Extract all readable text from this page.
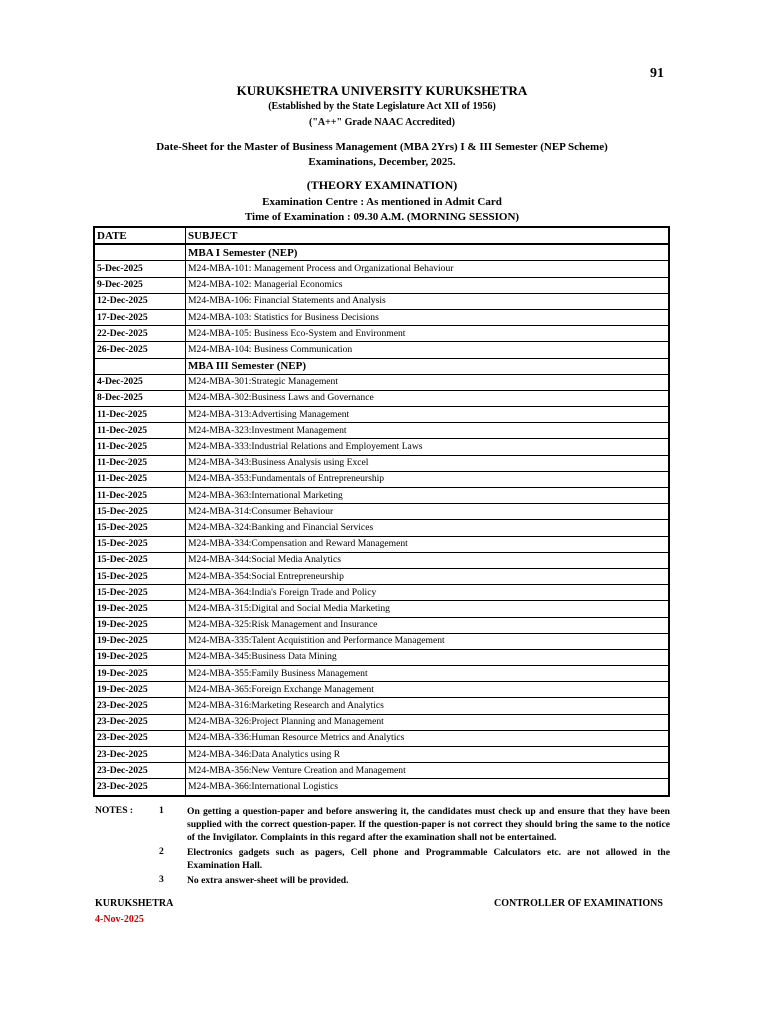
91
KURUKSHETRA UNIVERSITY KURUKSHETRA
(Established by the State Legislature Act XII of 1956)
("A++" Grade NAAC Accredited)
Date-Sheet for the Master of Business Management (MBA 2Yrs) I & III Semester (NEP Scheme)
Examinations, December, 2025.
(THEORY EXAMINATION)
Examination Centre : As mentioned in Admit Card
Time of Examination : 09.30 A.M. (MORNING SESSION)
DATE	SUBJECT
	MBA I Semester (NEP)
5-Dec-2025	M24-MBA-101: Management Process and Organizational Behaviour
9-Dec-2025	M24-MBA-102: Managerial Economics
12-Dec-2025	M24-MBA-106: Financial Statements and Analysis
17-Dec-2025	M24-MBA-103: Statistics for Business Decisions
22-Dec-2025	M24-MBA-105: Business Eco-System and Environment
26-Dec-2025	M24-MBA-104: Business Communication
	MBA III Semester (NEP)
4-Dec-2025	M24-MBA-301:Strategic Management
8-Dec-2025	M24-MBA-302:Business Laws and Governance
11-Dec-2025	M24-MBA-313:Advertising Management
11-Dec-2025	M24-MBA-323:Investment Management
11-Dec-2025	M24-MBA-333:Industrial Relations and Employement Laws
11-Dec-2025	M24-MBA-343:Business Analysis using Excel
11-Dec-2025	M24-MBA-353:Fundamentals of Entrepreneurship
11-Dec-2025	M24-MBA-363:International Marketing
15-Dec-2025	M24-MBA-314:Consumer Behaviour
15-Dec-2025	M24-MBA-324:Banking and Financial Services
15-Dec-2025	M24-MBA-334:Compensation and Reward Management
15-Dec-2025	M24-MBA-344:Social Media Analytics
15-Dec-2025	M24-MBA-354:Social Entrepreneurship
15-Dec-2025	M24-MBA-364:India's Foreign Trade and Policy
19-Dec-2025	M24-MBA-315:Digital and Social Media Marketing
19-Dec-2025	M24-MBA-325:Risk Management and Insurance
19-Dec-2025	M24-MBA-335:Talent Acquistition and Performance Management
19-Dec-2025	M24-MBA-345:Business Data Mining
19-Dec-2025	M24-MBA-355:Family Business Management
19-Dec-2025	M24-MBA-365:Foreign Exchange Management
23-Dec-2025	M24-MBA-316:Marketing Research and Analytics
23-Dec-2025	M24-MBA-326:Project Planning and Management
23-Dec-2025	M24-MBA-336:Human Resource Metrics and Analytics
23-Dec-2025	M24-MBA-346:Data Analytics using R
23-Dec-2025	M24-MBA-356:New Venture Creation and Management
23-Dec-2025	M24-MBA-366:International Logistics
NOTES :	1 On getting a question-paper and before answering it, the candidates must check up and ensure that they have been supplied with the correct question-paper. If the question-paper is not correct they should bring the same to the notice of the Invigilator. Complaints in this regard after the examination shall not be entertained.
2 Electronics gadgets such as pagers, Cell phone and Programmable Calculators etc. are not allowed in the Examination Hall.
3 No extra answer-sheet will be provided.
KURUKSHETRA
4-Nov-2025
CONTROLLER OF EXAMINATIONS
